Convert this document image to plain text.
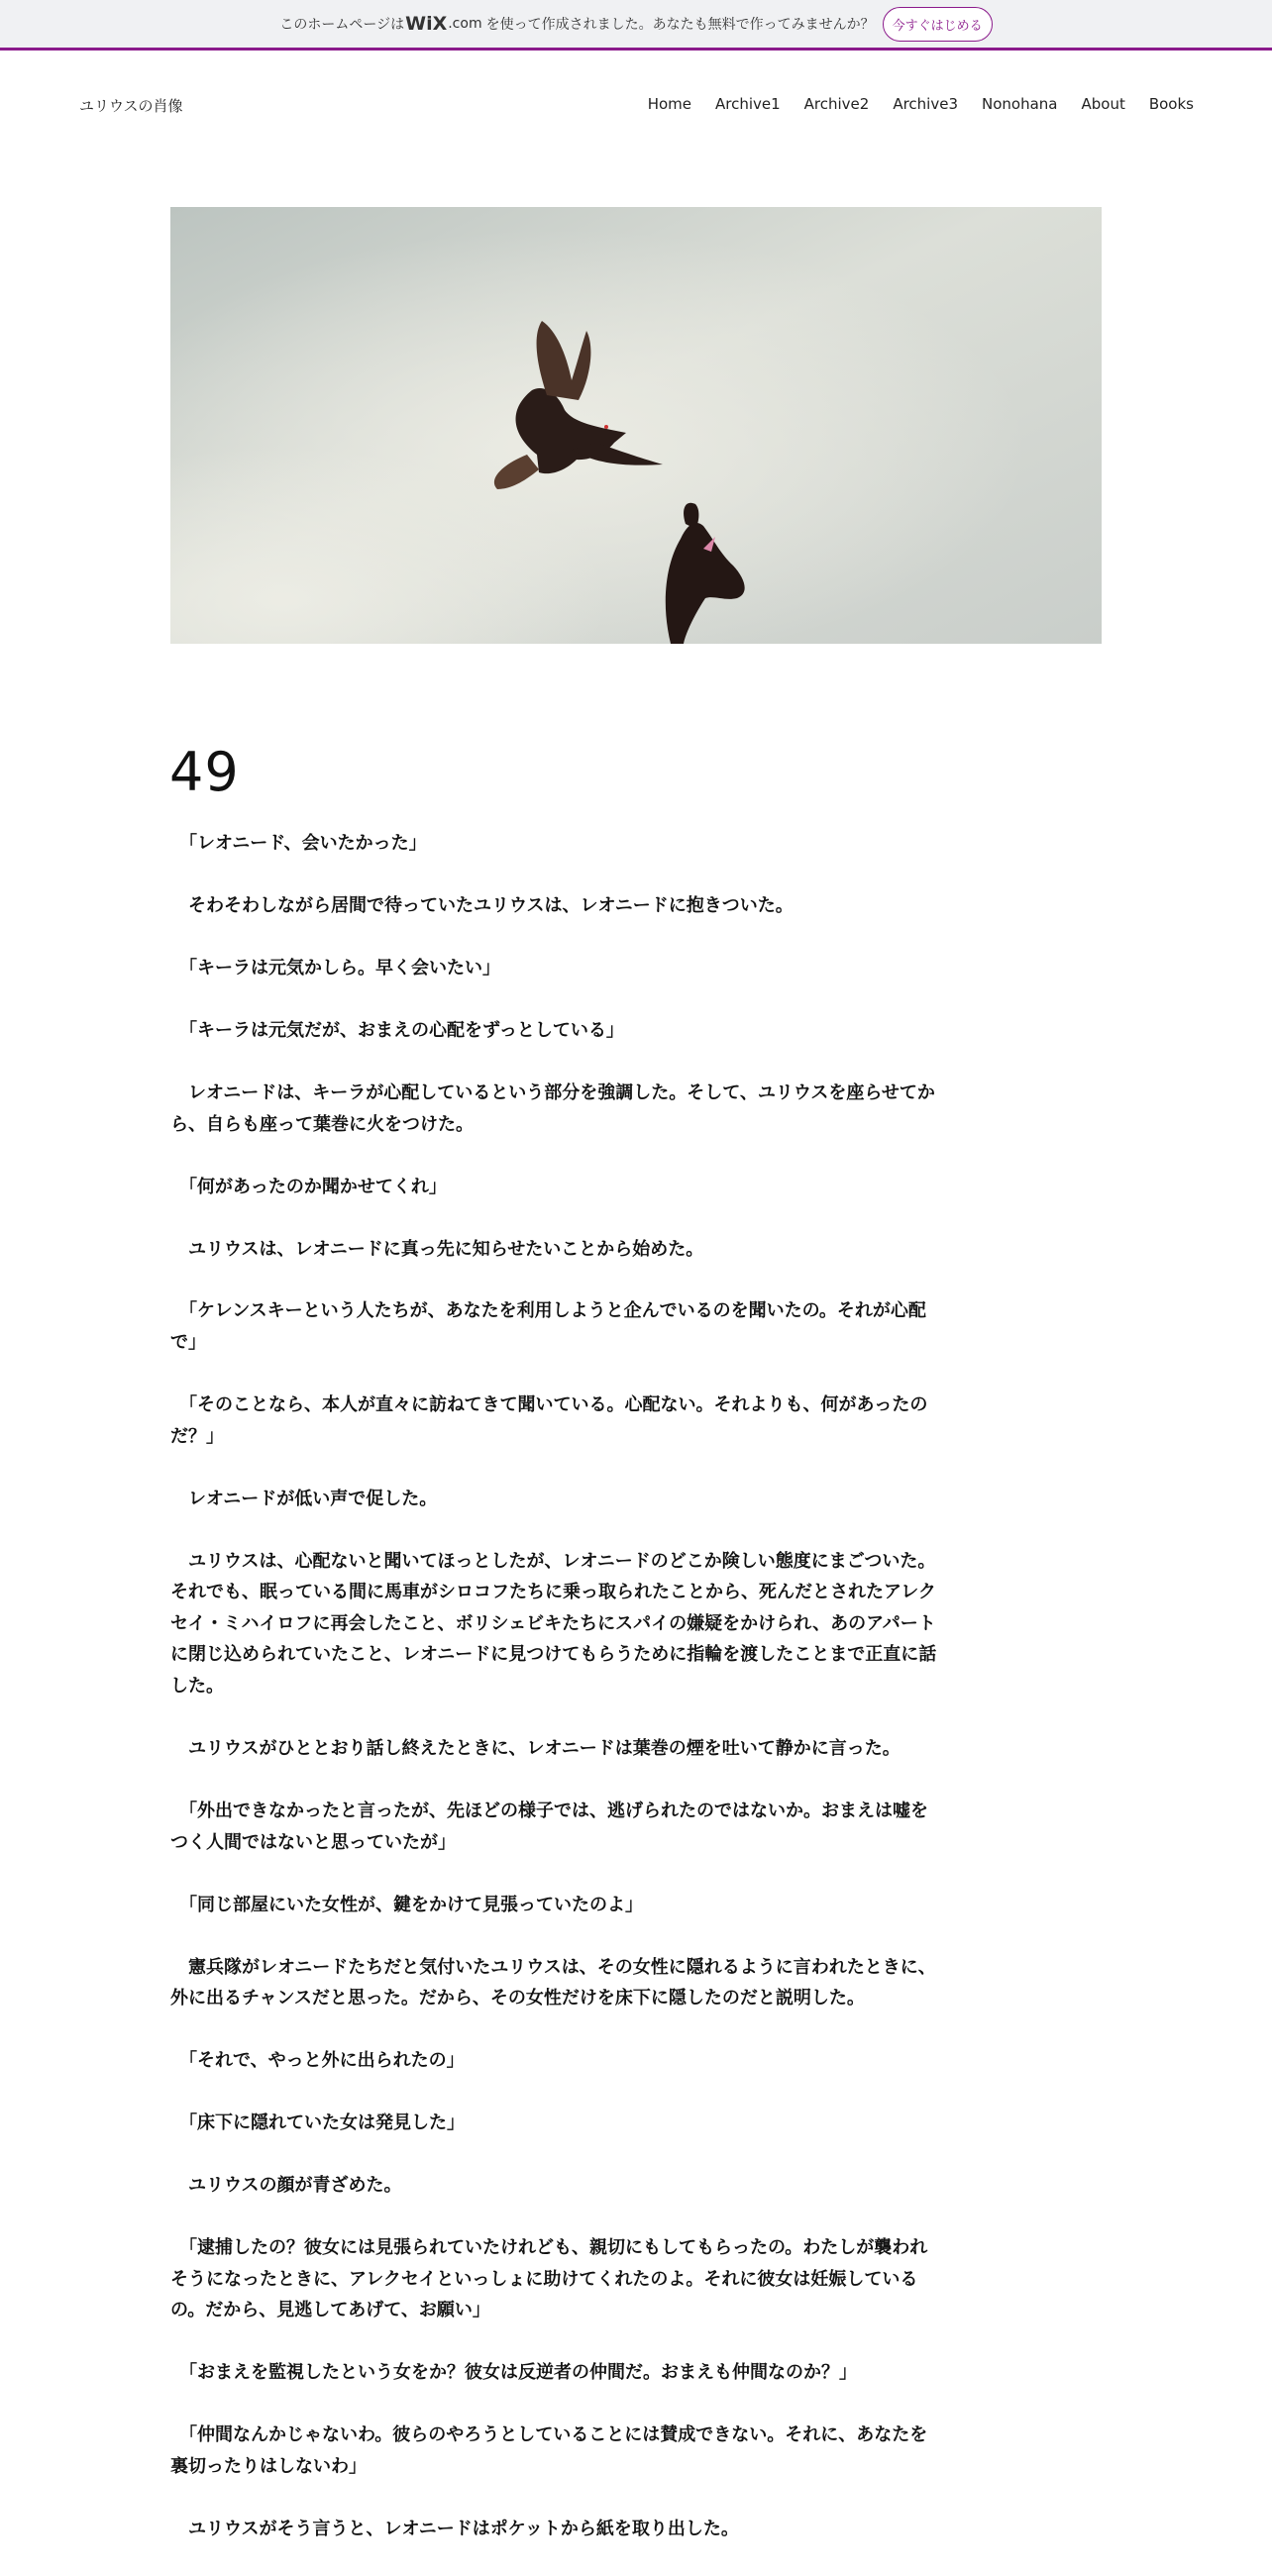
このホームページは WiX .com を使って作成されました。あなたも無料で作ってみませんか？	今すぐはじめる
ユリウスの肖像	Home Archive1 Archive2 Archive3 Nonohana About Books
49

　「レオニード、会いたかった」

　そわそわしながら居間で待っていたユリウスは、レオニードに抱きついた。

　「キーラは元気かしら。早く会いたい」

　「キーラは元気だが、おまえの心配をずっとしている」

　レオニードは、キーラが心配しているという部分を強調した。そして、ユリウスを座らせてから、自らも座って葉巻に火をつけた。

　「何があったのか聞かせてくれ」

　ユリウスは、レオニードに真っ先に知らせたいことから始めた。

　「ケレンスキーという人たちが、あなたを利用しようと企んでいるのを聞いたの。それが心配で」

　「そのことなら、本人が直々に訪ねてきて聞いている。心配ない。それよりも、何があったのだ？」

　レオニードが低い声で促した。

　ユリウスは、心配ないと聞いてほっとしたが、レオニードのどこか険しい態度にまごついた。それでも、眠っている間に馬車がシロコフたちに乗っ取られたことから、死んだとされたアレクセイ・ミハイロフに再会したこと、ボリシェビキたちにスパイの嫌疑をかけられ、あのアパートに閉じ込められていたこと、レオニードに見つけてもらうために指輪を渡したことまで正直に話した。

　ユリウスがひととおり話し終えたときに、レオニードは葉巻の煙を吐いて静かに言った。

　「外出できなかったと言ったが、先ほどの様子では、逃げられたのではないか。おまえは嘘をつく人間ではないと思っていたが」

　「同じ部屋にいた女性が、鍵をかけて見張っていたのよ」

　憲兵隊がレオニードたちだと気付いたユリウスは、その女性に隠れるように言われたときに、外に出るチャンスだと思った。だから、その女性だけを床下に隠したのだと説明した。

　「それで、やっと外に出られたの」

　「床下に隠れていた女は発見した」

　ユリウスの顔が青ざめた。

　「逮捕したの？彼女には見張られていたけれども、親切にもしてもらったの。わたしが襲われそうになったときに、アレクセイといっしょに助けてくれたのよ。それに彼女は妊娠しているの。だから、見逃してあげて、お願い」

　「おまえを監視したという女をか？彼女は反逆者の仲間だ。おまえも仲間なのか？」

　「仲間なんかじゃないわ。彼らのやろうとしていることには賛成できない。それに、あなたを裏切ったりはしないわ」

　ユリウスがそう言うと、レオニードはポケットから紙を取り出した。
